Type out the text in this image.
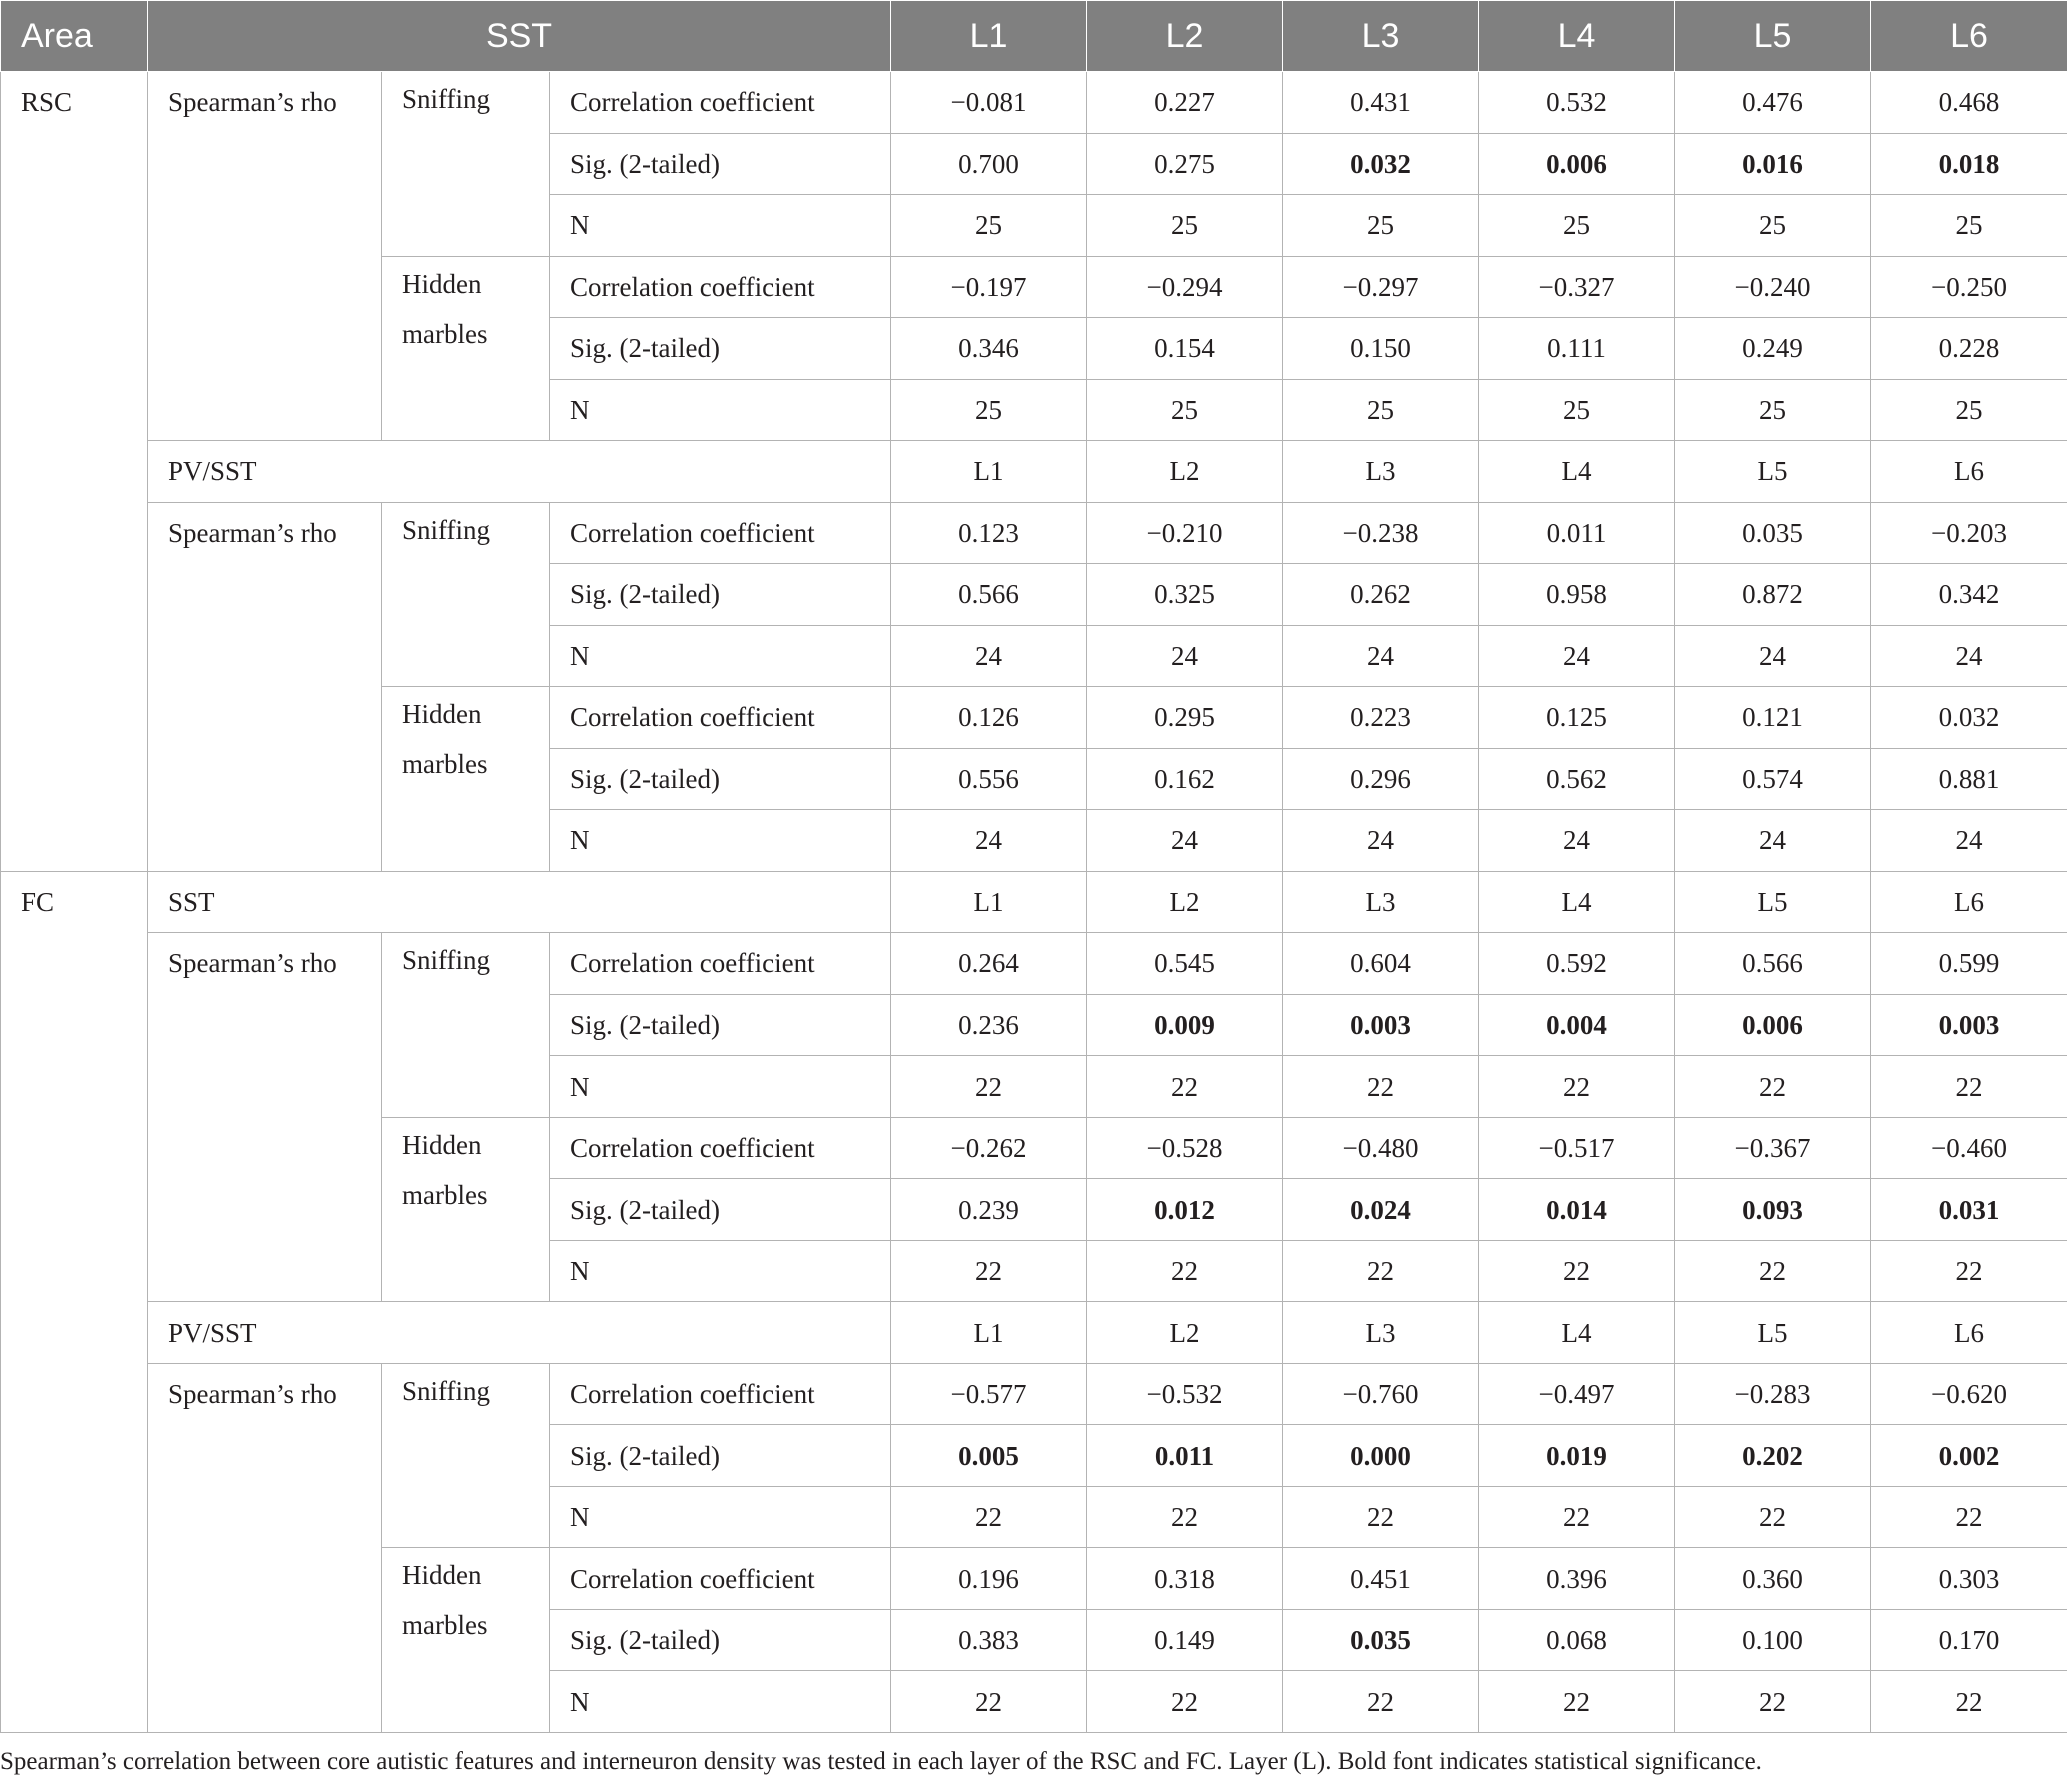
Area	SST			L1	L2	L3	L4	L5	L6
RSC	Spearman’s rho	Sniffing	Correlation coefficient	−0.081	0.227	0.431	0.532	0.476	0.468
			Sig. (2-tailed)	0.700	0.275	0.032	0.006	0.016	0.018
			N	25	25	25	25	25	25
		Hidden marbles	Correlation coefficient	−0.197	−0.294	−0.297	−0.327	−0.240	−0.250
			Sig. (2-tailed)	0.346	0.154	0.150	0.111	0.249	0.228
			N	25	25	25	25	25	25
	PV/SST			L1	L2	L3	L4	L5	L6
	Spearman’s rho	Sniffing	Correlation coefficient	0.123	−0.210	−0.238	0.011	0.035	−0.203
			Sig. (2-tailed)	0.566	0.325	0.262	0.958	0.872	0.342
			N	24	24	24	24	24	24
		Hidden marbles	Correlation coefficient	0.126	0.295	0.223	0.125	0.121	0.032
			Sig. (2-tailed)	0.556	0.162	0.296	0.562	0.574	0.881
			N	24	24	24	24	24	24
FC	SST			L1	L2	L3	L4	L5	L6
	Spearman’s rho	Sniffing	Correlation coefficient	0.264	0.545	0.604	0.592	0.566	0.599
			Sig. (2-tailed)	0.236	0.009	0.003	0.004	0.006	0.003
			N	22	22	22	22	22	22
		Hidden marbles	Correlation coefficient	−0.262	−0.528	−0.480	−0.517	−0.367	−0.460
			Sig. (2-tailed)	0.239	0.012	0.024	0.014	0.093	0.031
			N	22	22	22	22	22	22
	PV/SST			L1	L2	L3	L4	L5	L6
	Spearman’s rho	Sniffing	Correlation coefficient	−0.577	−0.532	−0.760	−0.497	−0.283	−0.620
			Sig. (2-tailed)	0.005	0.011	0.000	0.019	0.202	0.002
			N	22	22	22	22	22	22
		Hidden marbles	Correlation coefficient	0.196	0.318	0.451	0.396	0.360	0.303
			Sig. (2-tailed)	0.383	0.149	0.035	0.068	0.100	0.170
			N	22	22	22	22	22	22
Spearman’s correlation between core autistic features and interneuron density was tested in each layer of the RSC and FC. Layer (L). Bold font indicates statistical significance.
